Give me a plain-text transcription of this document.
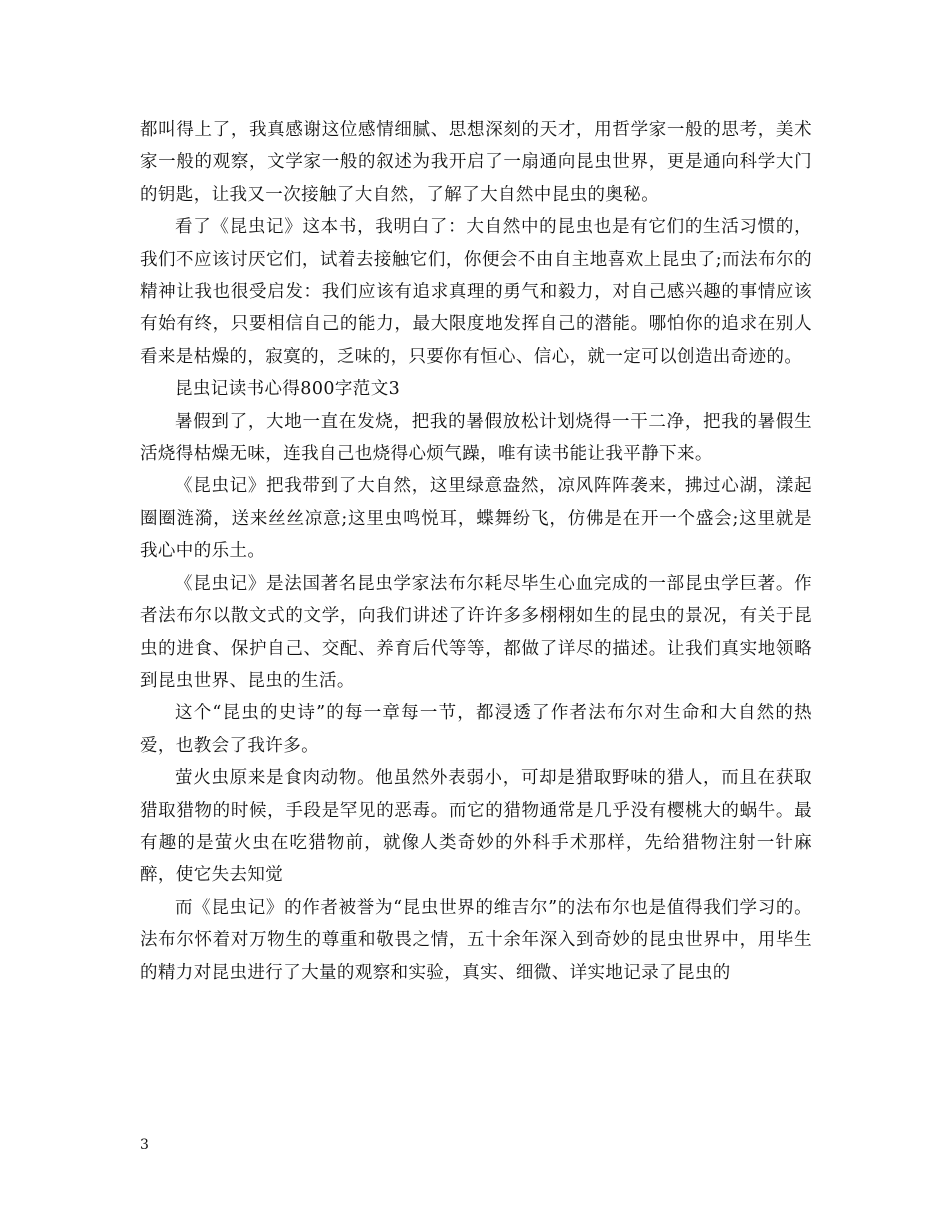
都叫得上了，我真感谢这位感情细腻、思想深刻的天才，用哲学家一般的思考，美术家一般的观察，文学家一般的叙述为我开启了一扇通向昆虫世界，更是通向科学大门的钥匙，让我又一次接触了大自然，了解了大自然中昆虫的奥秘。

看了《昆虫记》这本书，我明白了：大自然中的昆虫也是有它们的生活习惯的，我们不应该讨厌它们，试着去接触它们，你便会不由自主地喜欢上昆虫了;而法布尔的精神让我也很受启发：我们应该有追求真理的勇气和毅力，对自己感兴趣的事情应该有始有终，只要相信自己的能力，最大限度地发挥自己的潜能。哪怕你的追求在别人看来是枯燥的，寂寞的，乏味的，只要你有恒心、信心，就一定可以创造出奇迹的。

昆虫记读书心得800字范文3

暑假到了，大地一直在发烧，把我的暑假放松计划烧得一干二净，把我的暑假生活烧得枯燥无味，连我自己也烧得心烦气躁，唯有读书能让我平静下来。

《昆虫记》把我带到了大自然，这里绿意盎然，凉风阵阵袭来，拂过心湖，漾起圈圈涟漪，送来丝丝凉意;这里虫鸣悦耳，蝶舞纷飞，仿佛是在开一个盛会;这里就是我心中的乐土。

《昆虫记》是法国著名昆虫学家法布尔耗尽毕生心血完成的一部昆虫学巨著。作者法布尔以散文式的文学，向我们讲述了许许多多栩栩如生的昆虫的景况，有关于昆虫的进食、保护自己、交配、养育后代等等，都做了详尽的描述。让我们真实地领略到昆虫世界、昆虫的生活。

这个“昆虫的史诗”的每一章每一节，都浸透了作者法布尔对生命和大自然的热爱，也教会了我许多。

萤火虫原来是食肉动物。他虽然外表弱小，可却是猎取野味的猎人，而且在获取猎取猎物的时候，手段是罕见的恶毒。而它的猎物通常是几乎没有樱桃大的蜗牛。最有趣的是萤火虫在吃猎物前，就像人类奇妙的外科手术那样，先给猎物注射一针麻醉，使它失去知觉

而《昆虫记》的作者被誉为“昆虫世界的维吉尔”的法布尔也是值得我们学习的。法布尔怀着对万物生的尊重和敬畏之情，五十余年深入到奇妙的昆虫世界中，用毕生的精力对昆虫进行了大量的观察和实验，真实、细微、详实地记录了昆虫的

3
